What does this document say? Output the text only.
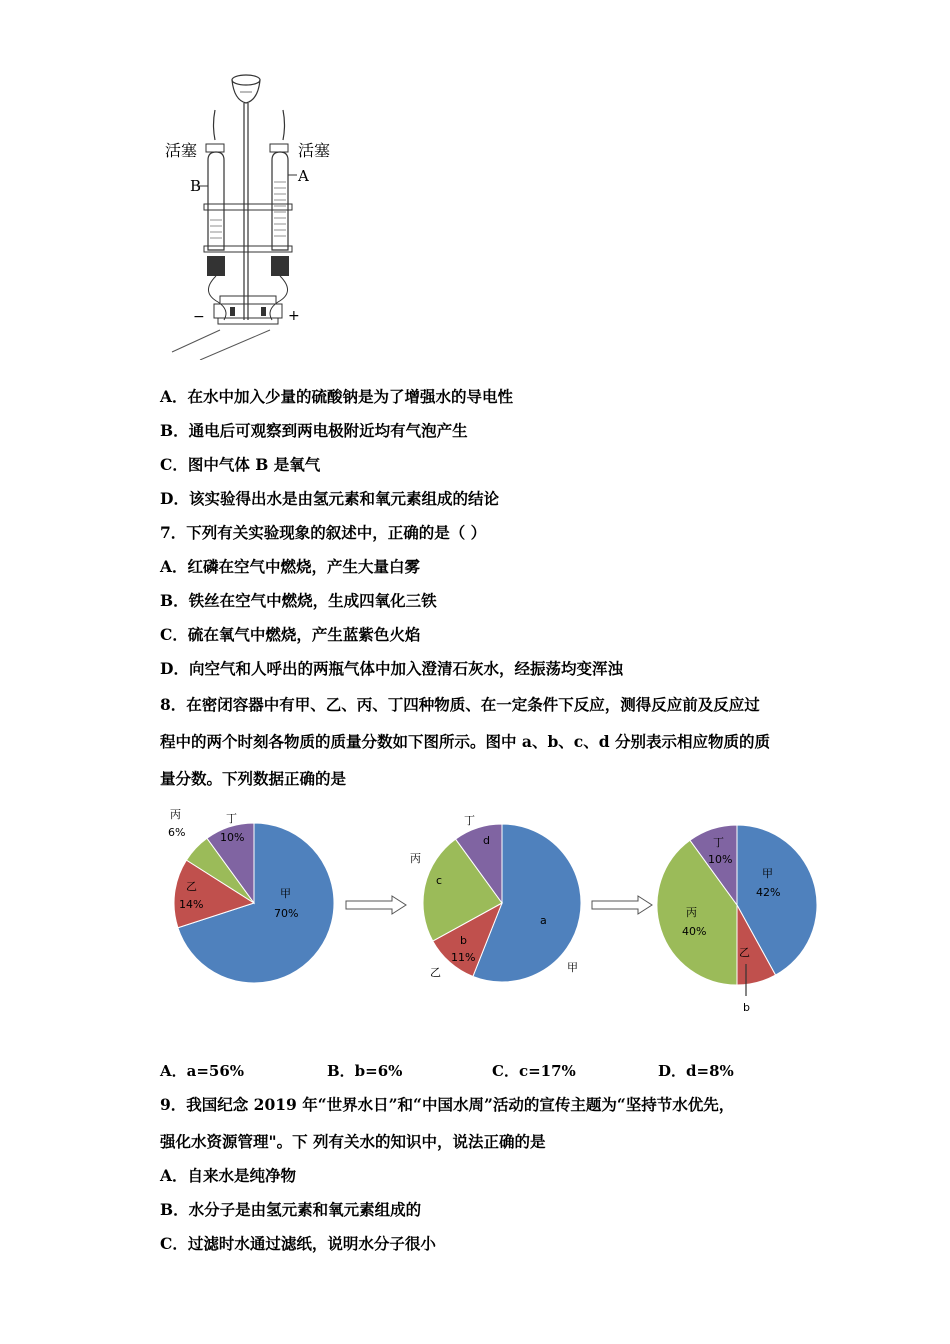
活塞	活塞
B
A
−	+
A．在水中加入少量的硫酸钠是为了增强水的导电性
B．通电后可观察到两电极附近均有气泡产生
C．图中气体 B 是氧气
D．该实验得出水是由氢元素和氧元素组成的结论
7．下列有关实验现象的叙述中，正确的是（ ）
A．红磷在空气中燃烧，产生大量白雾
B．铁丝在空气中燃烧，生成四氧化三铁
C．硫在氧气中燃烧，产生蓝紫色火焰
D．向空气和人呼出的两瓶气体中加入澄清石灰水，经振荡均变浑浊
8．在密闭容器中有甲、乙、丙、丁四种物质、在一定条件下反应，测得反应前及反应过
程中的两个时刻各物质的质量分数如下图所示。图中 a、b、c、d 分别表示相应物质的质
量分数。下列数据正确的是
丙
6%
丁
10%
甲
70%
乙
14%
丁
d
丙
c
a
b
11%
乙	甲
丁
10%
甲
42%
丙
40%
乙
b
A．a=56%	B．b=6%	C．c=17%	D．d=8%
9．我国纪念 2019 年“世界水日”和“中国水周”活动的宣传主题为“坚持节水优先，
强化水资源管理"。下 列有关水的知识中，说法正确的是
A．自来水是纯净物
B．水分子是由氢元素和氧元素组成的
C．过滤时水通过滤纸，说明水分子很小
